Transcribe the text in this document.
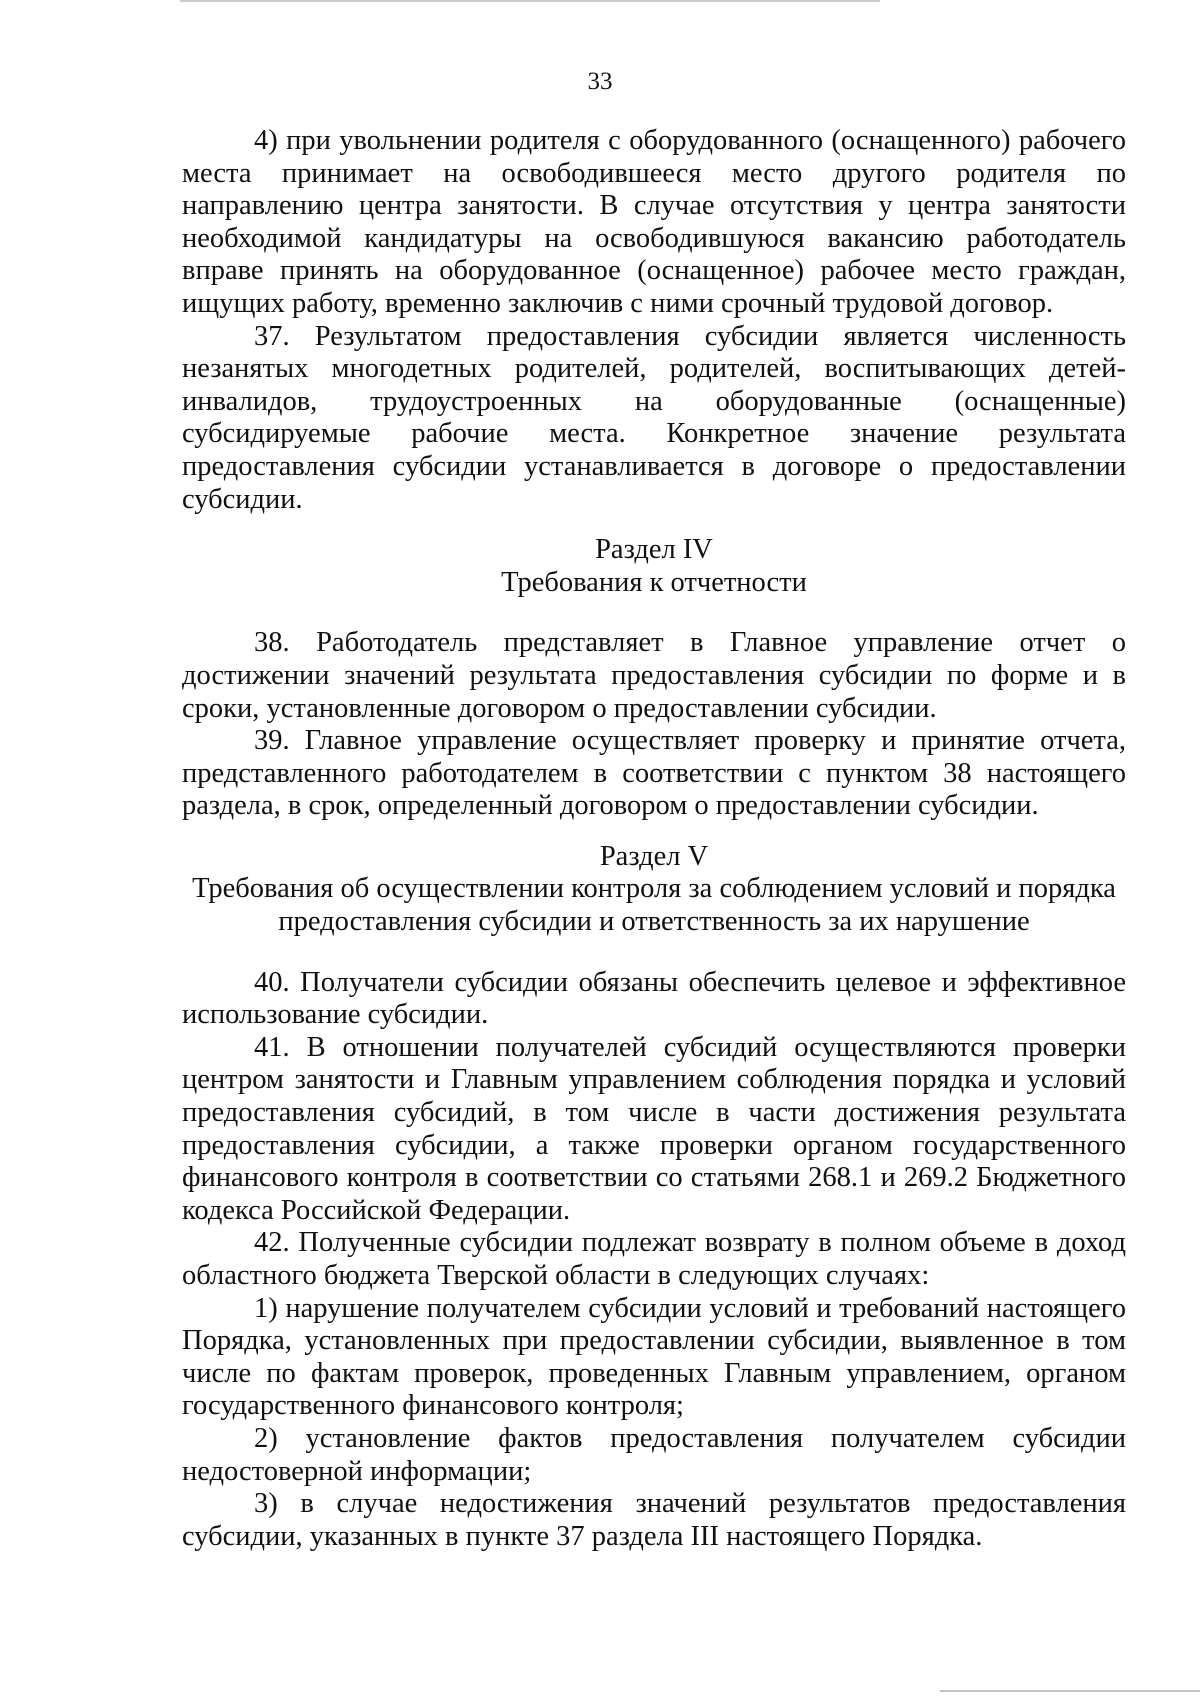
33

4) при увольнении родителя с оборудованного (оснащенного) рабочего места принимает на освободившееся место другого родителя по направлению центра занятости. В случае отсутствия у центра занятости необходимой кандидатуры на освободившуюся вакансию работодатель вправе принять на оборудованное (оснащенное) рабочее место граждан, ищущих работу, временно заключив с ними срочный трудовой договор.

37. Результатом предоставления субсидии является численность незанятых многодетных родителей, родителей, воспитывающих детей-инвалидов, трудоустроенных на оборудованные (оснащенные) субсидируемые рабочие места. Конкретное значение результата предоставления субсидии устанавливается в договоре о предоставлении субсидии.

Раздел IV

Требования к отчетности

38. Работодатель представляет в Главное управление отчет о достижении значений результата предоставления субсидии по форме и в сроки, установленные договором о предоставлении субсидии.

39. Главное управление осуществляет проверку и принятие отчета, представленного работодателем в соответствии с пунктом 38 настоящего раздела, в срок, определенный договором о предоставлении субсидии.

Раздел V

Требования об осуществлении контроля за соблюдением условий и порядка

предоставления субсидии и ответственность за их нарушение

40. Получатели субсидии обязаны обеспечить целевое и эффективное использование субсидии.

41. В отношении получателей субсидий осуществляются проверки центром занятости и Главным управлением соблюдения порядка и условий предоставления субсидий, в том числе в части достижения результата предоставления субсидии, а также проверки органом государственного финансового контроля в соответствии со статьями 268.1 и 269.2 Бюджетного кодекса Российской Федерации.

42. Полученные субсидии подлежат возврату в полном объеме в доход областного бюджета Тверской области в следующих случаях:

1) нарушение получателем субсидии условий и требований настоящего Порядка, установленных при предоставлении субсидии, выявленное в том числе по фактам проверок, проведенных Главным управлением, органом государственного финансового контроля;

2) установление фактов предоставления получателем субсидии недостоверной информации;

3) в случае недостижения значений результатов предоставления субсидии, указанных в пункте 37 раздела III настоящего Порядка.
